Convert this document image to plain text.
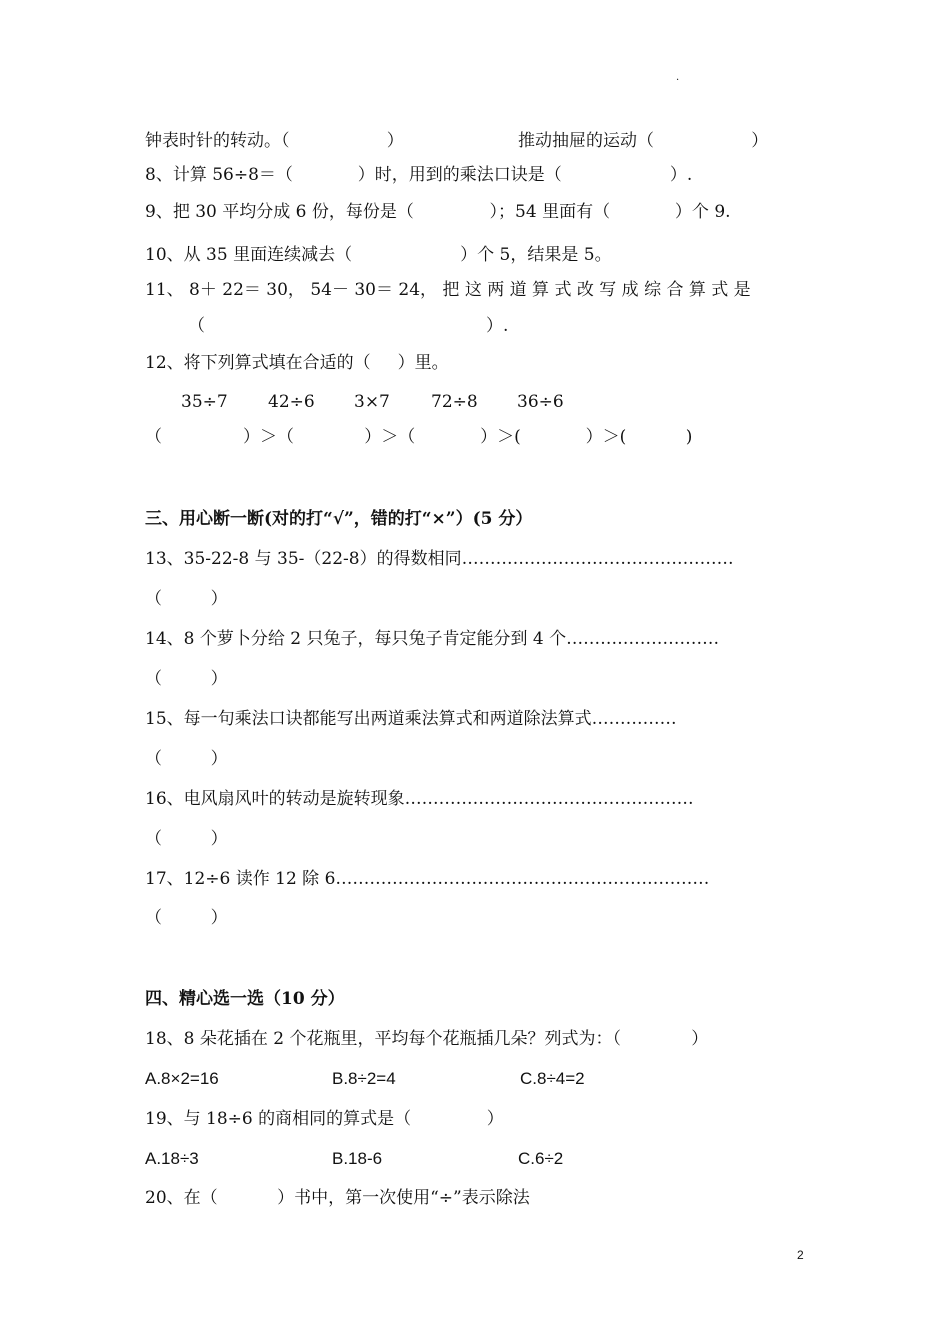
.
钟表时针的转动。（                  ）	推动抽屉的运动（                  ）
8、计算 56÷8＝（            ）时，用到的乘法口诀是（                    ）.
9、把 30 平均分成 6 份，每份是（              ）；54 里面有（            ）个 9.
10、从 35 里面连续减去（                    ）个 5，结果是 5。
11、 8＋ 22＝ 30， 54－ 30＝ 24， 把 这 两 道 算 式 改 写 成 综 合 算 式 是
（                                                    ）.
12、将下列算式填在合适的（     ）里。
35÷7 42÷6 3×7 72÷8 36÷6
（               ）＞（             ）＞（            ）＞(            ）＞(           )
三、用心断一断(对的打“√”，错的打“×”）(5 分）
13、35-22-8 与 35-（22-8）的得数相同…………………………………………
（         ）
14、8 个萝卜分给 2 只兔子，每只兔子肯定能分到 4 个………………………
（         ）
15、每一句乘法口诀都能写出两道乘法算式和两道除法算式……………
（         ）
16、电风扇风叶的转动是旋转现象……………………………………………
（         ）
17、12÷6 读作 12 除 6…………………………………………………………
（         ）
四、精心选一选（10 分）
18、8 朵花插在 2 个花瓶里，平均每个花瓶插几朵？列式为：（             ）
A.8×2=16	B.8÷2=4	C.8÷4=2
19、与 18÷6 的商相同的算式是（              ）
A.18÷3	B.18-6	C.6÷2
20、在（           ）书中，第一次使用“÷”表示除法
2
